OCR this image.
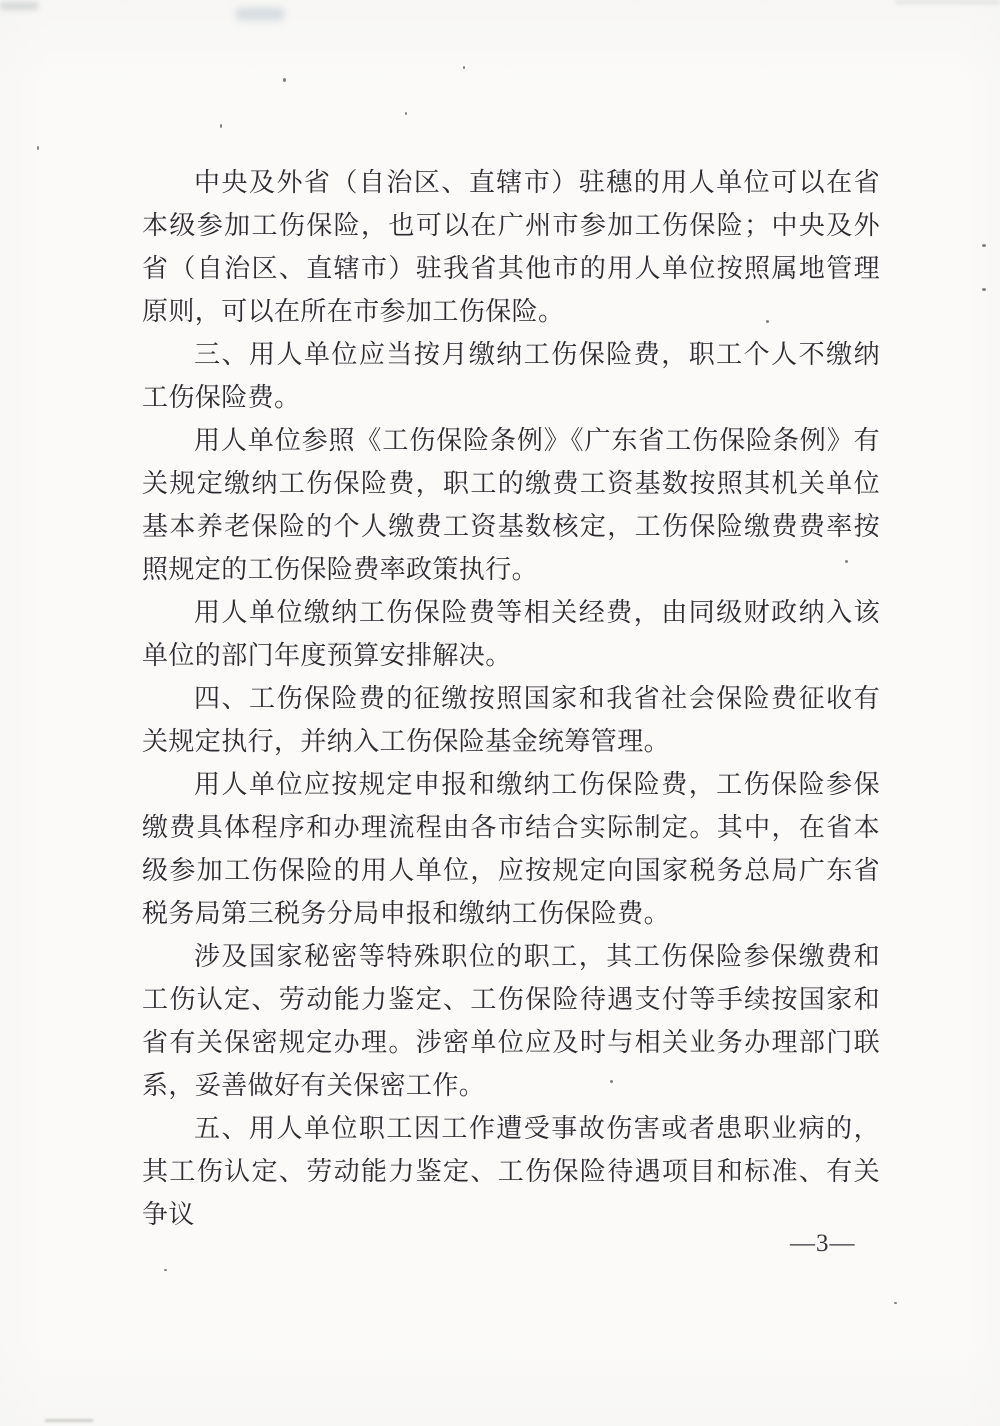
中央及外省（自治区、直辖市）驻穗的用人单位可以在省本级参加工伤保险，也可以在广州市参加工伤保险；中央及外省（自治区、直辖市）驻我省其他市的用人单位按照属地管理原则，可以在所在市参加工伤保险。

三、用人单位应当按月缴纳工伤保险费，职工个人不缴纳工伤保险费。

用人单位参照《工伤保险条例》《广东省工伤保险条例》有关规定缴纳工伤保险费，职工的缴费工资基数按照其机关单位基本养老保险的个人缴费工资基数核定，工伤保险缴费费率按照规定的工伤保险费率政策执行。

用人单位缴纳工伤保险费等相关经费，由同级财政纳入该单位的部门年度预算安排解决。

四、工伤保险费的征缴按照国家和我省社会保险费征收有关规定执行，并纳入工伤保险基金统筹管理。

用人单位应按规定申报和缴纳工伤保险费，工伤保险参保缴费具体程序和办理流程由各市结合实际制定。其中，在省本级参加工伤保险的用人单位，应按规定向国家税务总局广东省税务局第三税务分局申报和缴纳工伤保险费。

涉及国家秘密等特殊职位的职工，其工伤保险参保缴费和工伤认定、劳动能力鉴定、工伤保险待遇支付等手续按国家和省有关保密规定办理。涉密单位应及时与相关业务办理部门联系，妥善做好有关保密工作。

五、用人单位职工因工作遭受事故伤害或者患职业病的，其工伤认定、劳动能力鉴定、工伤保险待遇项目和标准、有关争议

—3—
